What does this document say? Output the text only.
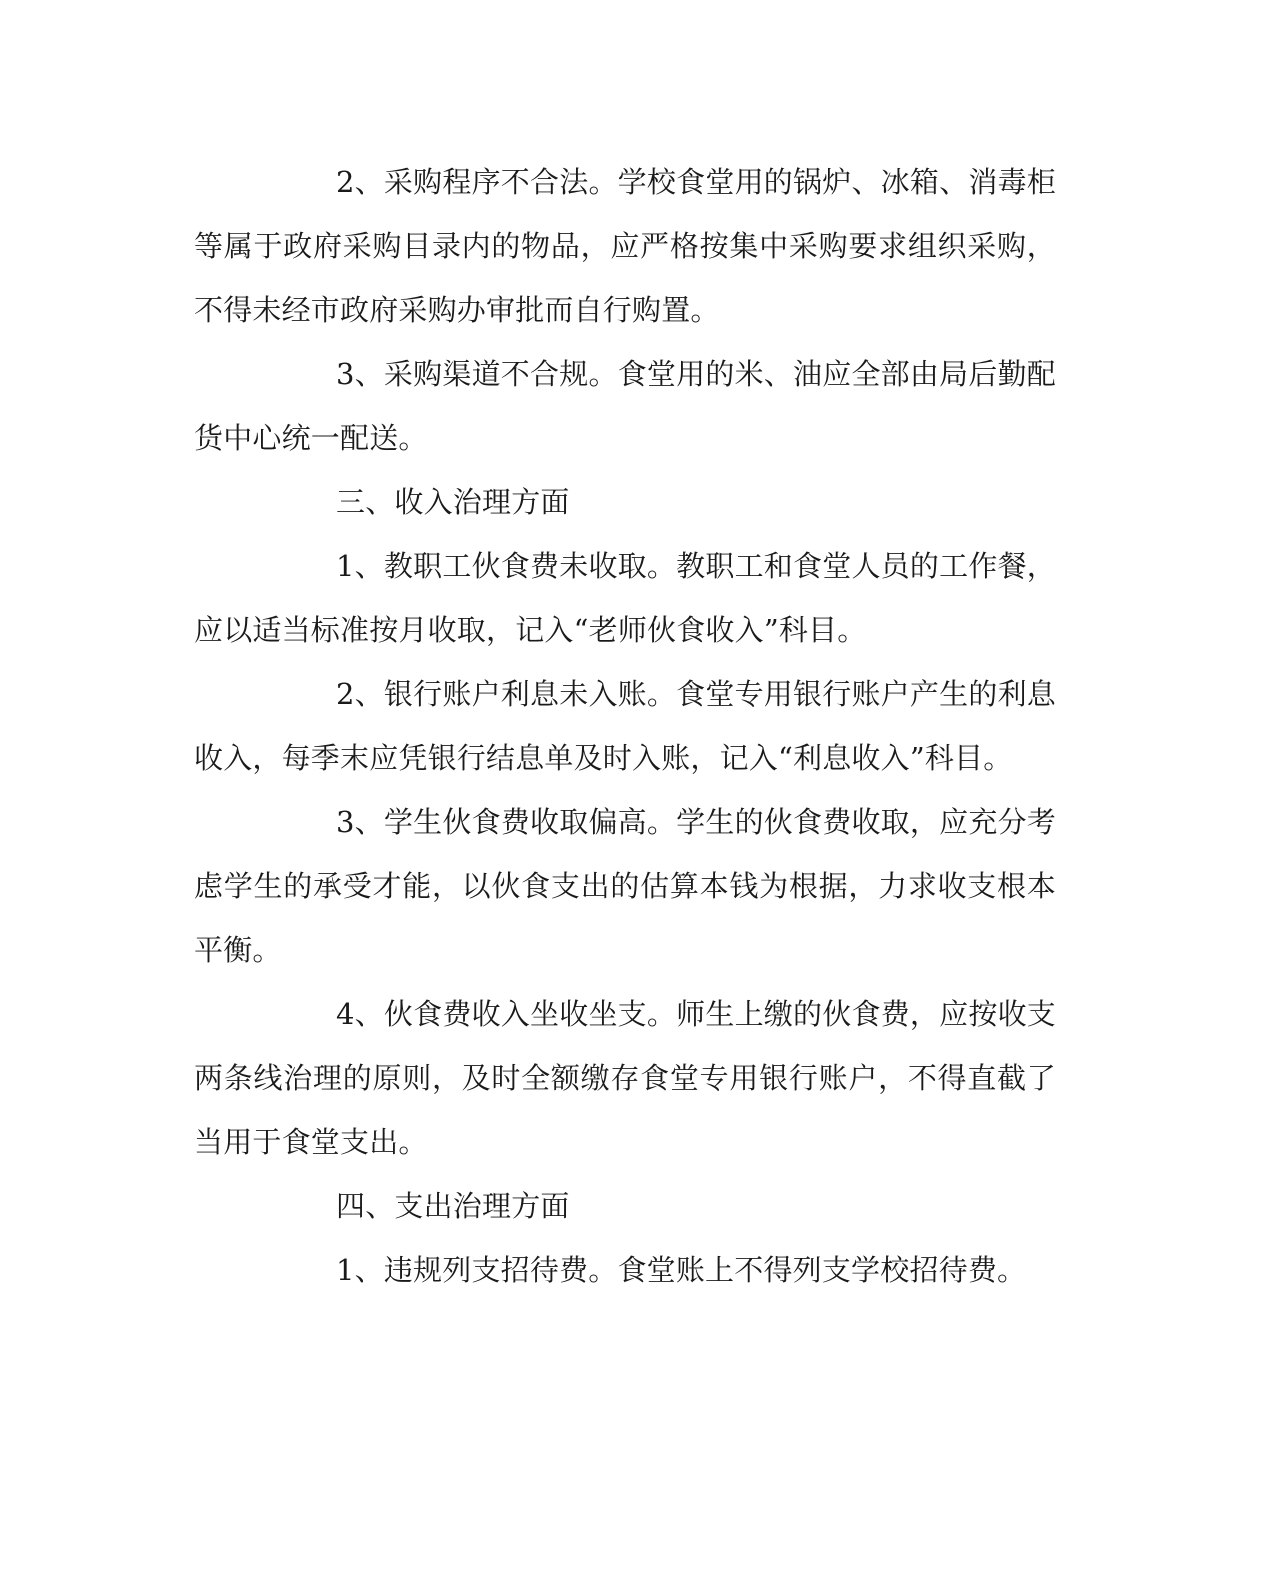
2、采购程序不合法。学校食堂用的锅炉、冰箱、消毒柜等属于政府采购目录内的物品，应严格按集中采购要求组织采购，不得未经市政府采购办审批而自行购置。

3、采购渠道不合规。食堂用的米、油应全部由局后勤配货中心统一配送。

三、收入治理方面

1、教职工伙食费未收取。教职工和食堂人员的工作餐，应以适当标准按月收取，记入“老师伙食收入”科目。

2、银行账户利息未入账。食堂专用银行账户产生的利息收入，每季末应凭银行结息单及时入账，记入“利息收入”科目。

3、学生伙食费收取偏高。学生的伙食费收取，应充分考虑学生的承受才能，以伙食支出的估算本钱为根据，力求收支根本平衡。

4、伙食费收入坐收坐支。师生上缴的伙食费，应按收支两条线治理的原则，及时全额缴存食堂专用银行账户，不得直截了当用于食堂支出。

四、支出治理方面

1、违规列支招待费。食堂账上不得列支学校招待费。
